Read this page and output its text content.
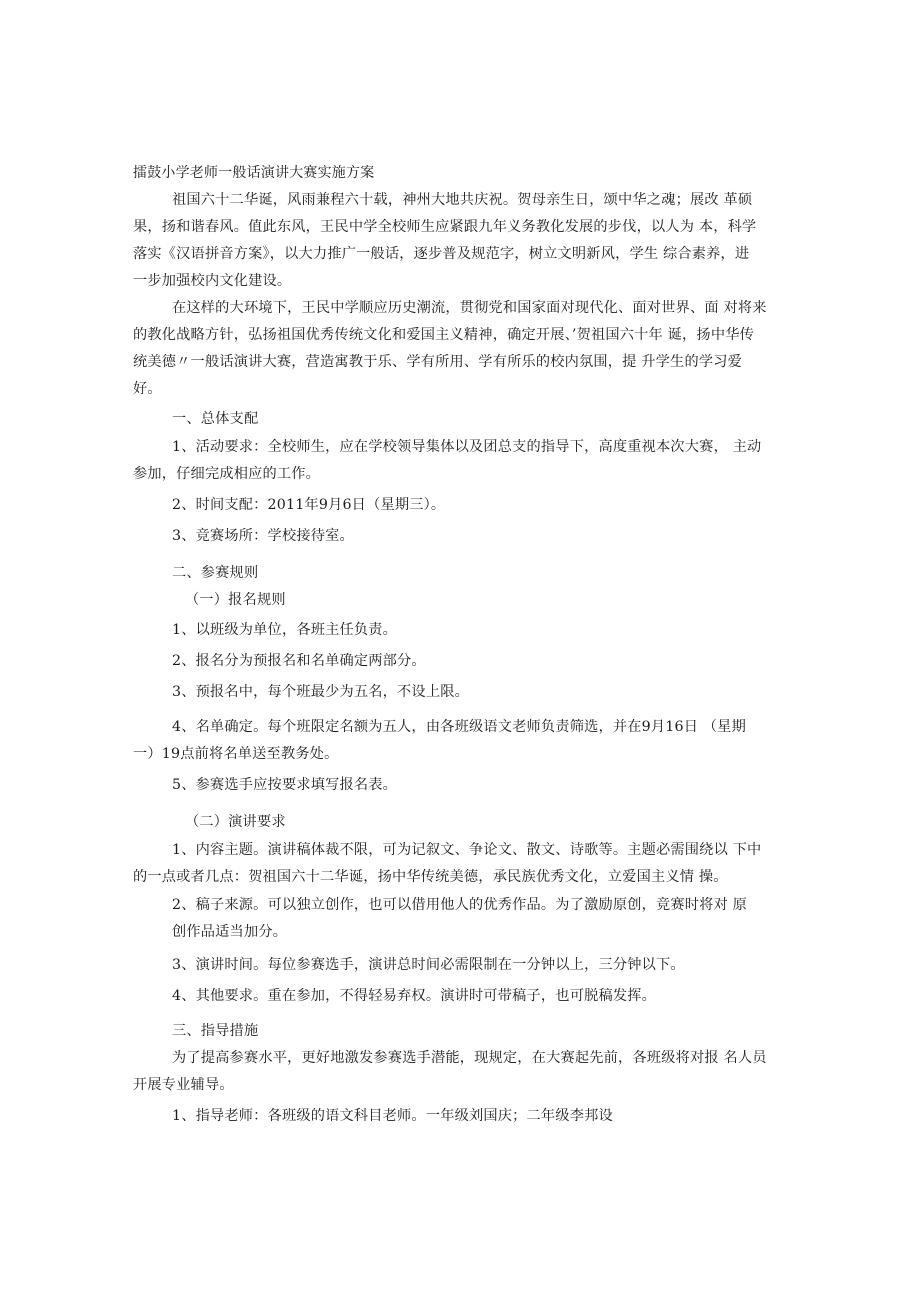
擂鼓小学老师一般话演讲大赛实施方案
祖国六十二华诞，风雨兼程六十载，神州大地共庆祝。贺母亲生日，颂中华之魂；展改 革硕
果，扬和谐春风。值此东风，王民中学全校师生应紧跟九年义务教化发展的步伐，以人为 本，科学
落实《汉语拼音方案》，以大力推广一般话，逐步普及规范字，树立文明新风，学生 综合素养，进
一步加强校内文化建设。
在这样的大环境下，王民中学顺应历史潮流，贯彻党和国家面对现代化、面对世界、面 对将来
的教化战略方针，弘扬祖国优秀传统文化和爱国主义精神，确定开展、’贺祖国六十年 诞，扬中华传
统美德〃一般话演讲大赛，营造寓教于乐、学有所用、学有所乐的校内氛围，提 升学生的学习爱
好。
一、总体支配
1、活动要求：全校师生，应在学校领导集体以及团总支的指导下，高度重视本次大赛， 主动
参加，仔细完成相应的工作。
2、时间支配：2011年9月6日（星期三）。
3、竞赛场所：学校接待室。
二、参赛规则
（一）报名规则
1、以班级为单位，各班主任负责。
2、报名分为预报名和名单确定两部分。
3、预报名中，每个班最少为五名，不设上限。
4、名单确定。每个班限定名额为五人，由各班级语文老师负责筛选，并在9月16日 （星期
一）19点前将名单送至教务处。
5、参赛选手应按要求填写报名表。
（二）演讲要求
1、内容主题。演讲稿体裁不限，可为记叙文、争论文、散文、诗歌等。主题必需围绕以 下中
的一点或者几点：贺祖国六十二华诞，扬中华传统美德，承民族优秀文化，立爱国主义情 操。
2、稿子来源。可以独立创作，也可以借用他人的优秀作品。为了激励原创，竞赛时将对 原
创作品适当加分。
3、演讲时间。每位参赛选手，演讲总时间必需限制在一分钟以上，三分钟以下。
4、其他要求。重在参加，不得轻易弃权。演讲时可带稿子，也可脱稿发挥。
三、指导措施
为了提高参赛水平，更好地激发参赛选手潜能，现规定，在大赛起先前，各班级将对报 名人员
开展专业辅导。
1、指导老师：各班级的语文科目老师。一年级刘国庆；二年级李邦设
